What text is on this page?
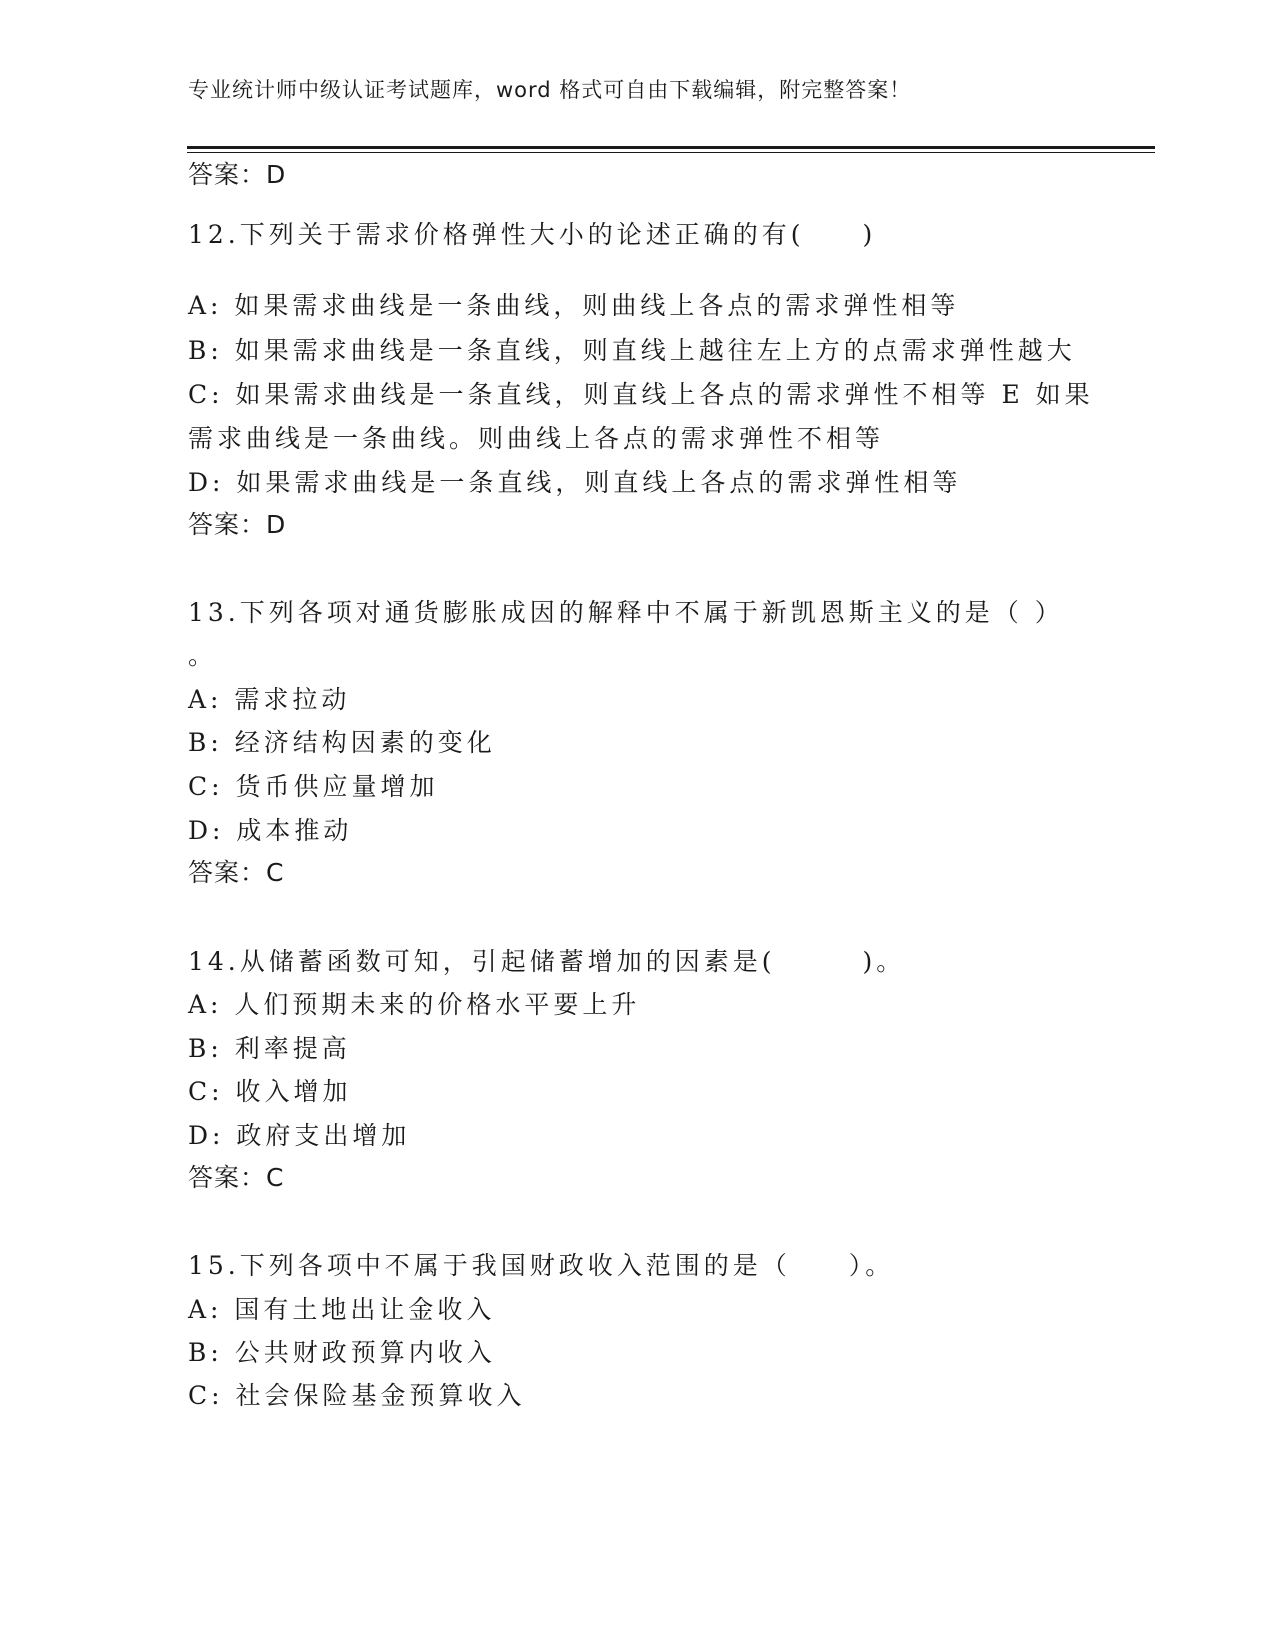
专业统计师中级认证考试题库，word 格式可自由下载编辑，附完整答案！
答案：D
12.下列关于需求价格弹性大小的论述正确的有(　　)
A: 如果需求曲线是一条曲线，则曲线上各点的需求弹性相等
B: 如果需求曲线是一条直线，则直线上越往左上方的点需求弹性越大
C: 如果需求曲线是一条直线，则直线上各点的需求弹性不相等 E 如果
需求曲线是一条曲线。则曲线上各点的需求弹性不相等
D: 如果需求曲线是一条直线，则直线上各点的需求弹性相等
答案：D
13.下列各项对通货膨胀成因的解释中不属于新凯恩斯主义的是（ ）
。
A: 需求拉动
B: 经济结构因素的变化
C: 货币供应量增加
D: 成本推动
答案：C
14.从储蓄函数可知，引起储蓄增加的因素是(　　　)。
A: 人们预期未来的价格水平要上升
B: 利率提高
C: 收入增加
D: 政府支出增加
答案：C
15.下列各项中不属于我国财政收入范围的是（　　）。
A: 国有土地出让金收入
B: 公共财政预算内收入
C: 社会保险基金预算收入
